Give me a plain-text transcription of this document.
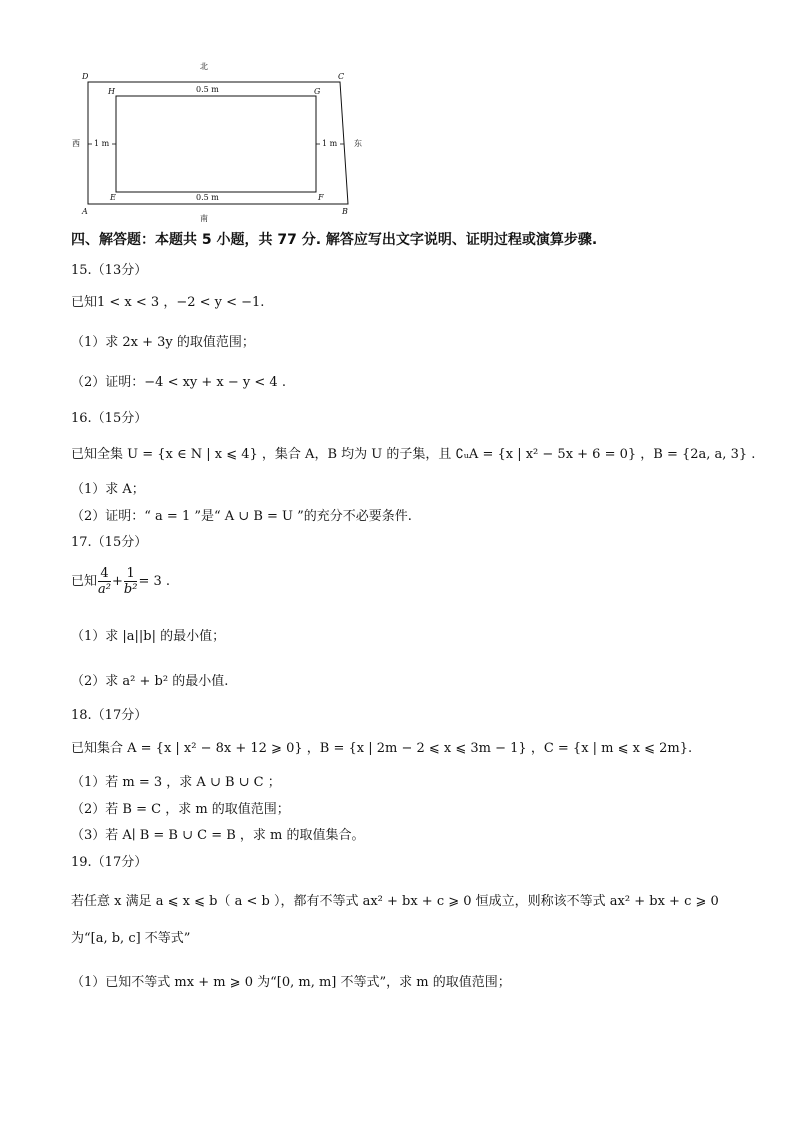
北
南
西	东
D	C
A	B
H	G
E	F
0.5 m
0.5 m
1 m	1 m
四、解答题：本题共 5 小题，共 77 分. 解答应写出文字说明、证明过程或演算步骤.
15.（13分）
已知1 < x < 3 ，−2 < y < −1.
（1）求 2x + 3y 的取值范围；
（2）证明：−4 < xy + x − y < 4 .
16.（15分）
已知全集 U = {x ∈ N | x ⩽ 4} ，集合 A，B 均为 U 的子集，且 ∁ᵤA = {x | x² − 5x + 6 = 0} ，B = {2a, a, 3} .
（1）求 A；
（2）证明：“ a = 1 ”是“ A ∪ B = U ”的充分不必要条件.
17.（15分）
已知 $\frac{4}{\text{a²}} + \frac{1}{\text{b²}} = 3$ .
（1）求 |a||b| 的最小值；
（2）求 a² + b² 的最小值.
18.（17分）
已知集合 A = {x | x² − 8x + 12 ⩾ 0} ，B = {x | 2m − 2 ⩽ x ⩽ 3m − 1} ，C = {x | m ⩽ x ⩽ 2m}.
（1）若 m = 3 ，求 A ∪ B ∪ C ；
（2）若 B = C ，求 m 的取值范围；
（3）若 A∣ B = B ∪ C = B ，求 m 的取值集合。
19.（17分）
若任意 x 满足 a ⩽ x ⩽ b（ a < b ），都有不等式 ax² + bx + c ⩾ 0 恒成立，则称该不等式 ax² + bx + c ⩾ 0
为“[a, b, c] 不等式”
（1）已知不等式 mx + m ⩾ 0 为“[0, m, m] 不等式”，求 m 的取值范围；
